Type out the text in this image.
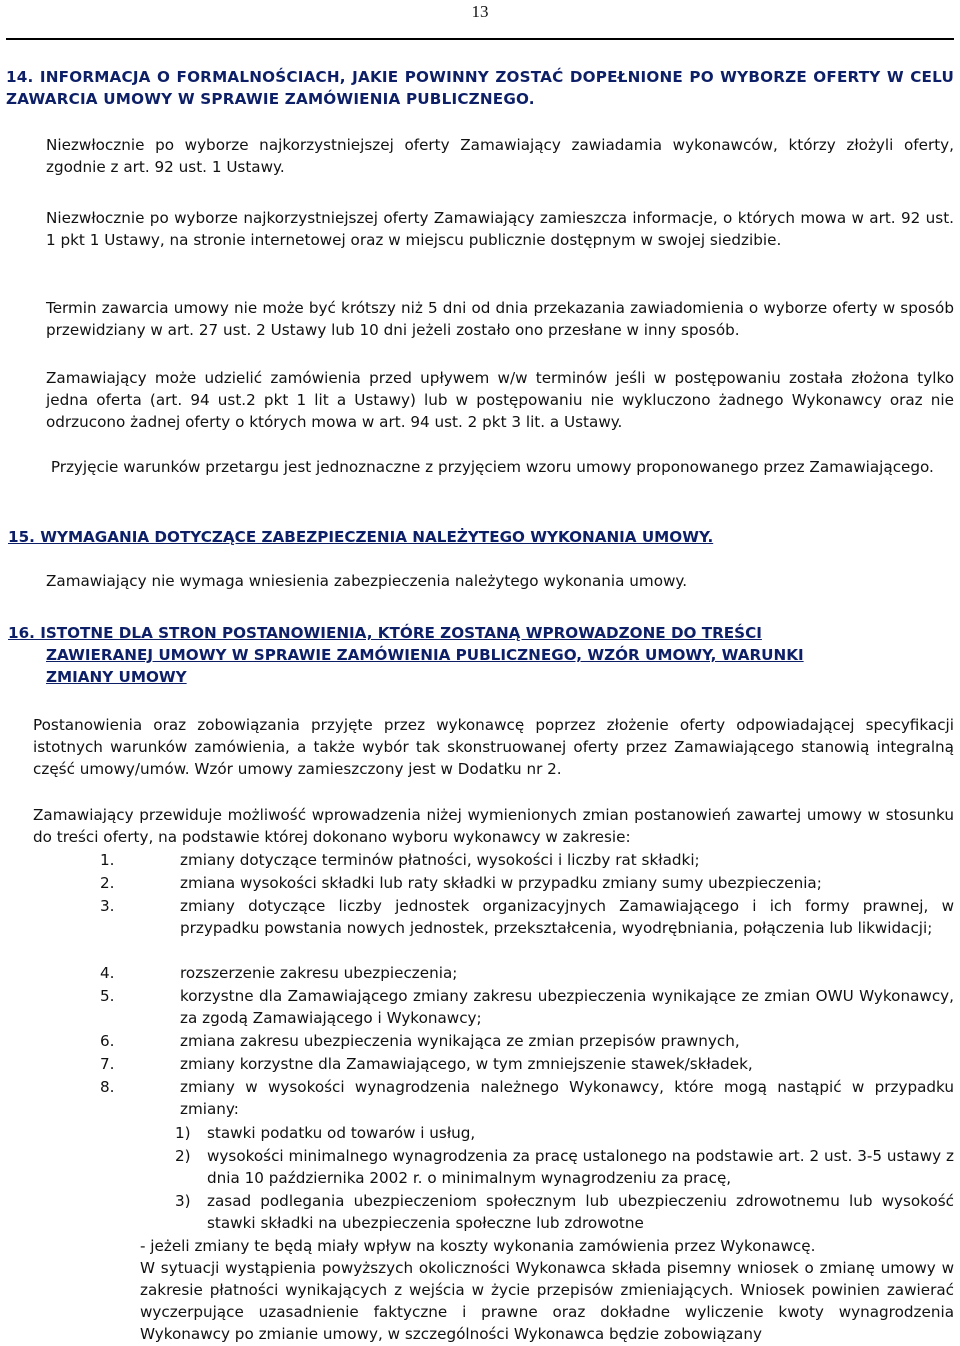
13

14. INFORMACJA O FORMALNOŚCIACH, JAKIE POWINNY ZOSTAĆ DOPEŁNIONE PO WYBORZE OFERTY W CELU ZAWARCIA UMOWY W SPRAWIE ZAMÓWIENIA PUBLICZNEGO.

Niezwłocznie po wyborze najkorzystniejszej oferty Zamawiający zawiadamia wykonawców, którzy złożyli oferty, zgodnie z art. 92 ust. 1 Ustawy.

Niezwłocznie po wyborze najkorzystniejszej oferty Zamawiający zamieszcza informacje, o których mowa w art. 92 ust. 1 pkt 1 Ustawy, na stronie internetowej oraz w miejscu publicznie dostępnym w swojej siedzibie.

Termin zawarcia umowy nie może być krótszy niż 5 dni od dnia przekazania zawiadomienia o wyborze oferty w sposób przewidziany w art. 27 ust. 2 Ustawy lub 10 dni jeżeli zostało ono przesłane w inny sposób.

Zamawiający może udzielić zamówienia przed upływem w/w terminów jeśli w postępowaniu została złożona tylko jedna oferta (art. 94 ust.2 pkt 1 lit a Ustawy) lub w postępowaniu nie wykluczono żadnego Wykonawcy oraz nie odrzucono żadnej oferty o których mowa w art. 94 ust. 2 pkt 3 lit. a Ustawy.

Przyjęcie warunków przetargu jest jednoznaczne z przyjęciem wzoru umowy proponowanego przez Zamawiającego.

15. WYMAGANIA DOTYCZĄCE ZABEZPIECZENIA NALEŻYTEGO WYKONANIA UMOWY.

Zamawiający nie wymaga wniesienia zabezpieczenia należytego wykonania umowy.

16. ISTOTNE DLA STRON POSTANOWIENIA, KTÓRE ZOSTANĄ WPROWADZONE DO TREŚCI

ZAWIERANEJ UMOWY W SPRAWIE ZAMÓWIENIA PUBLICZNEGO, WZÓR UMOWY, WARUNKI

ZMIANY UMOWY

Postanowienia oraz zobowiązania przyjęte przez wykonawcę poprzez złożenie oferty odpowiadającej specyfikacji istotnych warunków zamówienia, a także wybór tak skonstruowanej oferty przez Zamawiającego stanowią integralną część umowy/umów. Wzór umowy zamieszczony jest w Dodatku nr 2.

Zamawiający przewiduje możliwość wprowadzenia niżej wymienionych zmian postanowień zawartej umowy w stosunku do treści oferty, na podstawie której dokonano wyboru wykonawcy w zakresie:

1.	zmiany dotyczące terminów płatności, wysokości i liczby rat składki;
2.	zmiana wysokości składki lub raty składki w przypadku zmiany sumy ubezpieczenia;
3.	zmiany dotyczące liczby jednostek organizacyjnych Zamawiającego i ich formy prawnej, w przypadku powstania nowych jednostek, przekształcenia, wyodrębniania, połączenia lub likwidacji;
4.	rozszerzenie zakresu ubezpieczenia;
5.	korzystne dla Zamawiającego zmiany zakresu ubezpieczenia wynikające ze zmian OWU Wykonawcy, za zgodą Zamawiającego i Wykonawcy;
6.	zmiana zakresu ubezpieczenia wynikająca ze zmian przepisów prawnych,
7.	zmiany korzystne dla Zamawiającego, w tym zmniejszenie stawek/składek,
8.	zmiany w wysokości wynagrodzenia należnego Wykonawcy, które mogą nastąpić w przypadku zmiany:
1) stawki podatku od towarów i usług,
2) wysokości minimalnego wynagrodzenia za pracę ustalonego na podstawie art. 2 ust. 3-5 ustawy z dnia 10 października 2002 r. o minimalnym wynagrodzeniu za pracę,
3) zasad podlegania ubezpieczeniom społecznym lub ubezpieczeniu zdrowotnemu lub wysokość stawki składki na ubezpieczenia społeczne lub zdrowotne

- jeżeli zmiany te będą miały wpływ na koszty wykonania zamówienia przez Wykonawcę.

W sytuacji wystąpienia powyższych okoliczności Wykonawca składa pisemny wniosek o zmianę umowy w zakresie płatności wynikających z wejścia w życie przepisów zmieniających. Wniosek powinien zawierać wyczerpujące uzasadnienie faktyczne i prawne oraz dokładne wyliczenie kwoty wynagrodzenia Wykonawcy po zmianie umowy, w szczególności Wykonawca będzie zobowiązany
